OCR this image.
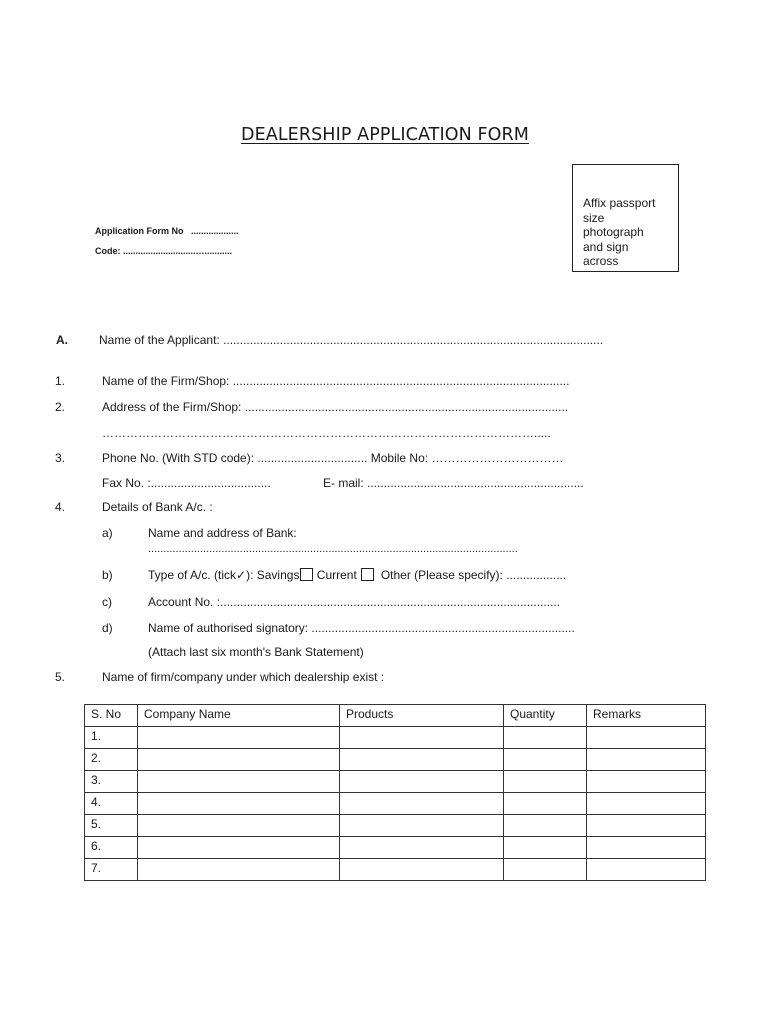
DEALERSHIP APPLICATION FORM
Affix passport
size
photograph
and sign
across
Application Form No ...................
Code: .............................…...........
A.	Name of the Applicant: ..................................................................................................................
1.	Name of the Firm/Shop: .....................................................................................................
2.	Address of the Firm/Shop: .................................................................................................
……………………………………………………………………………………………….....
3.	Phone No. (With STD code): ................................. Mobile No: ……………………………
Fax No. :....................................	E- mail: .................................................................
4.	Details of Bank A/c. :
a)	Name and address of Bank:
.........................................................................................................................
b)	Type of A/c. (tick✓): Savings Current Other (Please specify): ..................
c)	Account No. :......................................................................................................
d)	Name of authorised signatory: ...............................................................................
(Attach last six month's Bank Statement)
5.	Name of firm/company under which dealership exist :
S. No	Company Name	Products	Quantity	Remarks
1.				
2.				
3.				
4.				
5.				
6.				
7.				
